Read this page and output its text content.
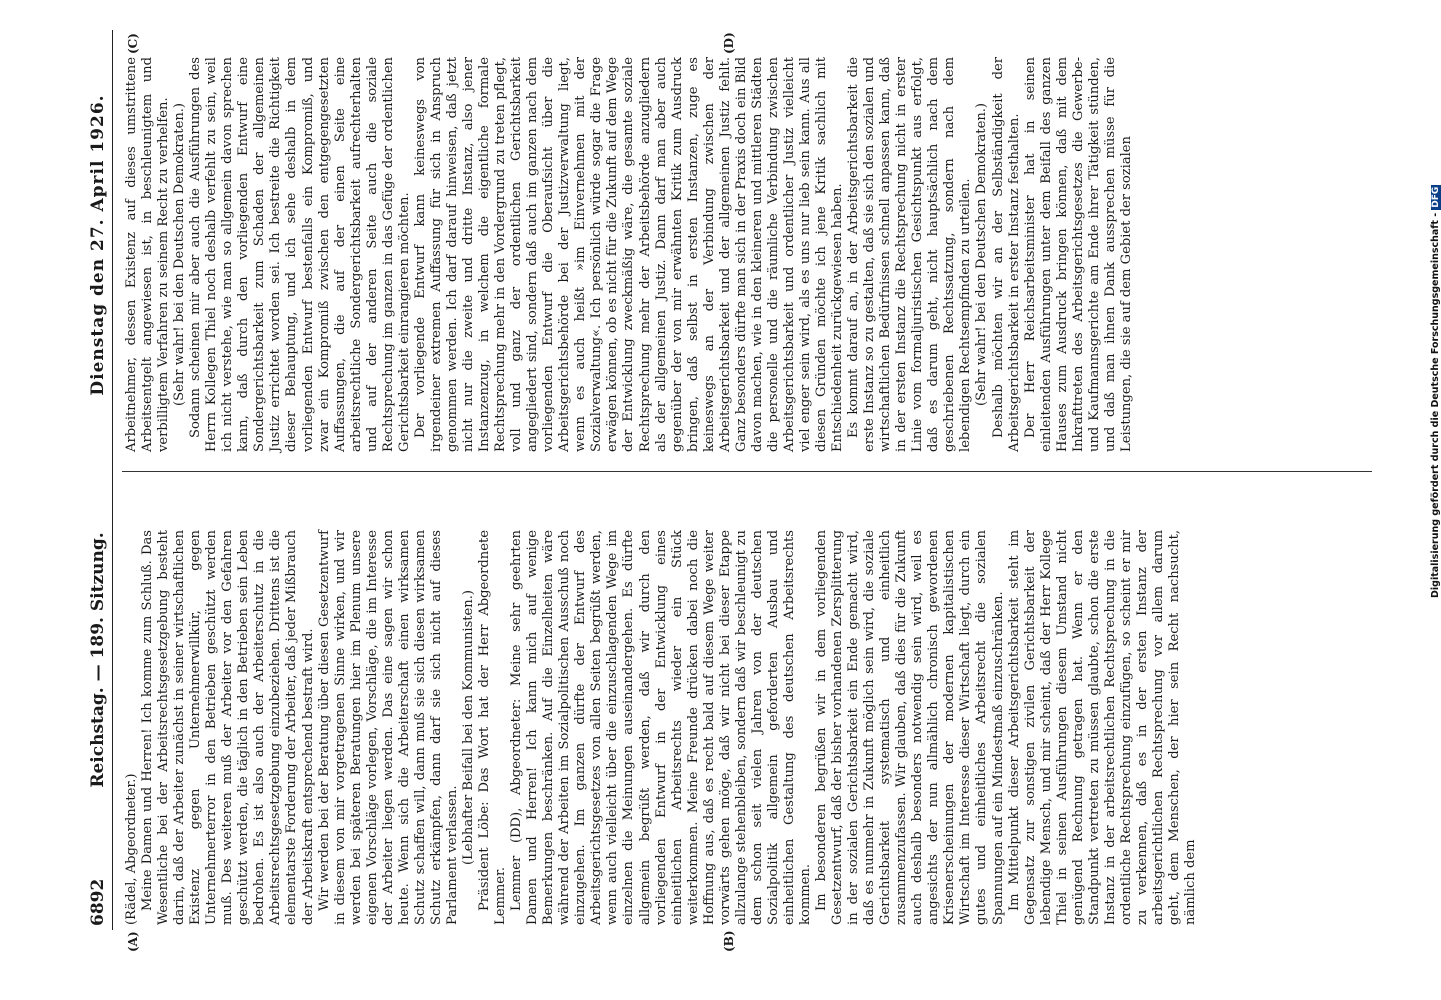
6892
Reichstag. — 189. Sitzung.
Dienstag den 27. April 1926.
(A)	(B)
(C)	(D)

(Rädel, Abgeordneter.) Meine Damen und Herren! Ich komme zum Schluß. Das Wesentliche bei der Arbeitsrechtsgesetzgebung besteht darin, daß der Arbeiter zunächst in seiner wirtschaftlichen Existenz gegen Unternehmerwillkür, gegen Unternehmerterror in den Betrieben geschützt werden muß. Des weiteren muß der Arbeiter vor den Gefahren geschützt werden, die täglich in den Betrieben sein Leben bedrohen. Es ist also auch der Arbeiterschutz in die Arbeitsrechtsgesetzgebung einzubeziehen. Drittens ist die elementarste Forderung der Arbeiter, daß jeder Mißbrauch der Arbeitskraft entsprechend bestraft wird. Wir werden bei der Beratung über diesen Gesetzentwurf in diesem von mir vorgetragenen Sinne wirken, und wir werden bei späteren Beratungen hier im Plenum unsere eigenen Vorschläge vorlegen, Vorschläge, die im Interesse der Arbeiter liegen werden. Das eine sagen wir schon heute. Wenn sich die Arbeiterschaft einen wirksamen Schutz schaffen will, dann muß sie sich diesen wirksamen Schutz erkämpfen, dann darf sie sich nicht auf dieses Parlament verlassen. (Lebhafter Beifall bei den Kommunisten.) Präsident Löbe: Das Wort hat der Herr Abgeordnete Lemmer. Lemmer (DD), Abgeordneter: Meine sehr geehrten Damen und Herren! Ich kann mich auf wenige Bemerkungen beschränken. Auf die Einzelheiten wäre während der Arbeiten im Sozialpolitischen Ausschuß noch einzugehen. Im ganzen dürfte der Entwurf des Arbeitsgerichtsgesetzes von allen Seiten begrüßt werden, wenn auch vielleicht über die einzuschlagenden Wege im einzelnen die Meinungen auseinandergehen. Es dürfte allgemein begrüßt werden, daß wir durch den vorliegenden Entwurf in der Entwicklung eines einheitlichen Arbeitsrechts wieder ein Stück weiterkommen. Meine Freunde drücken dabei noch die Hoffnung aus, daß es recht bald auf diesem Wege weiter vorwärts gehen möge, daß wir nicht bei dieser Etappe allzulange stehenbleiben, sondern daß wir beschleunigt zu dem schon seit vielen Jahren von der deutschen Sozialpolitik allgemein geforderten Ausbau und einheitlichen Gestaltung des deutschen Arbeitsrechts kommen. Im besonderen begrüßen wir in dem vorliegenden Gesetzentwurf, daß der bisher vorhandenen Zersplitterung in der sozialen Gerichtsbarkeit ein Ende gemacht wird, daß es nunmehr in Zukunft möglich sein wird, die soziale Gerichtsbarkeit systematisch und einheitlich zusammenzufassen. Wir glauben, daß dies für die Zukunft auch deshalb besonders notwendig sein wird, weil es angesichts der nun allmählich chronisch gewordenen Krisenerscheinungen der modernen kapitalistischen Wirtschaft im Interesse dieser Wirtschaft liegt, durch ein gutes und einheitliches Arbeitsrecht die sozialen Spannungen auf ein Mindestmaß einzuschränken. Im Mittelpunkt dieser Arbeitsgerichtsbarkeit steht im Gegensatz zur sonstigen zivilen Gerichtsbarkeit der lebendige Mensch, und mir scheint, daß der Herr Kollege Thiel in seinen Ausführungen diesem Umstand nicht genügend Rechnung getragen hat. Wenn er den Standpunkt vertreten zu müssen glaubte, schon die erste Instanz in der arbeitsrechtlichen Rechtsprechung in die ordentliche Rechtsprechung einzufügen, so scheint er mir zu verkennen, daß es in der ersten Instanz der arbeitsgerichtlichen Rechtsprechung vor allem darum geht, dem Menschen, der hier sein Recht nachsucht, nämlich dem

Arbeitnehmer, dessen Existenz auf dieses umstrittene Arbeitsentgelt angewiesen ist, in beschleunigtem und verbilligtem Verfahren zu seinem Recht zu verhelfen. (Sehr wahr! bei den Deutschen Demokraten.) Sodann scheinen mir aber auch die Ausführungen des Herrn Kollegen Thiel noch deshalb verfehlt zu sein, weil ich nicht verstehe, wie man so allgemein davon sprechen kann, daß durch den vorliegenden Entwurf eine Sondergerichtsbarkeit zum Schaden der allgemeinen Justiz errichtet worden sei. Ich bestreite die Richtigkeit dieser Behauptung, und ich sehe deshalb in dem vorliegenden Entwurf bestenfalls ein Kompromiß, und zwar ein Kompromiß zwischen den entgegengesetzten Auffassungen, die auf der einen Seite eine arbeitsrechtliche Sondergerichtsbarkeit aufrechterhalten und auf der anderen Seite auch die soziale Rechtsprechung im ganzen in das Gefüge der ordentlichen Gerichtsbarkeit einrangieren möchten. Der vorliegende Entwurf kann keineswegs von irgendeiner extremen Auffassung für sich in Anspruch genommen werden. Ich darf darauf hinweisen, daß jetzt nicht nur die zweite und dritte Instanz, also jener Instanzenzug, in welchem die eigentliche formale Rechtsprechung mehr in den Vordergrund zu treten pflegt, voll und ganz der ordentlichen Gerichtsbarkeit angegliedert sind, sondern daß auch im ganzen nach dem vorliegenden Entwurf die Oberaufsicht über die Arbeitsgerichtsbehörde bei der Justizverwaltung liegt, wenn es auch heißt »im Einvernehmen mit der Sozialverwaltung«. Ich persönlich würde sogar die Frage erwägen können, ob es nicht für die Zukunft auf dem Wege der Entwicklung zweckmäßig wäre, die gesamte soziale Rechtsprechung mehr der Arbeitsbehörde anzugliedern als der allgemeinen Justiz. Dann darf man aber auch gegenüber der von mir erwähnten Kritik zum Ausdruck bringen, daß selbst in ersten Instanzen, zuge es keineswegs an der Verbindung zwischen der Arbeitsgerichtsbarkeit und der allgemeinen Justiz fehlt. Ganz besonders dürfte man sich in der Praxis doch ein Bild davon machen, wie in den kleineren und mittleren Städten die personelle und die räumliche Verbindung zwischen Arbeitsgerichtsbarkeit und ordentlicher Justiz vielleicht viel enger sein wird, als es uns nur lieb sein kann. Aus all diesen Gründen möchte ich jene Kritik sachlich mit Entschiedenheit zurückgewiesen haben. Es kommt darauf an, in der Arbeitsgerichtsbarkeit die erste Instanz so zu gestalten, daß sie sich den sozialen und wirtschaftlichen Bedürfnissen schnell anpassen kann, daß in der ersten Instanz die Rechtsprechung nicht in erster Linie vom formaljuristischen Gesichtspunkt aus erfolgt, daß es darum geht, nicht hauptsächlich nach dem geschriebenen Rechtssatzung, sondern nach dem lebendigen Rechtsempfinden zu urteilen. (Sehr wahr! bei den Deutschen Demokraten.) Deshalb möchten wir an der Selbständigkeit der Arbeitsgerichtsbarkeit in erster Instanz festhalten. Der Herr Reichsarbeitsminister hat in seinen einleitenden Ausführungen unter dem Beifall des ganzen Hauses zum Ausdruck bringen können, daß mit dem Inkrafttreten des Arbeitsgerichtsgesetzes die Gewerbe- und Kaufmannsgerichte am Ende ihrer Tätigkeit stünden, und daß man ihnen Dank aussprechen müsse für die Leistungen, die sie auf dem Gebiet der sozialen	Digitalisierung gefördert durch die Deutsche Forschungsgemeinschaft -DFG
